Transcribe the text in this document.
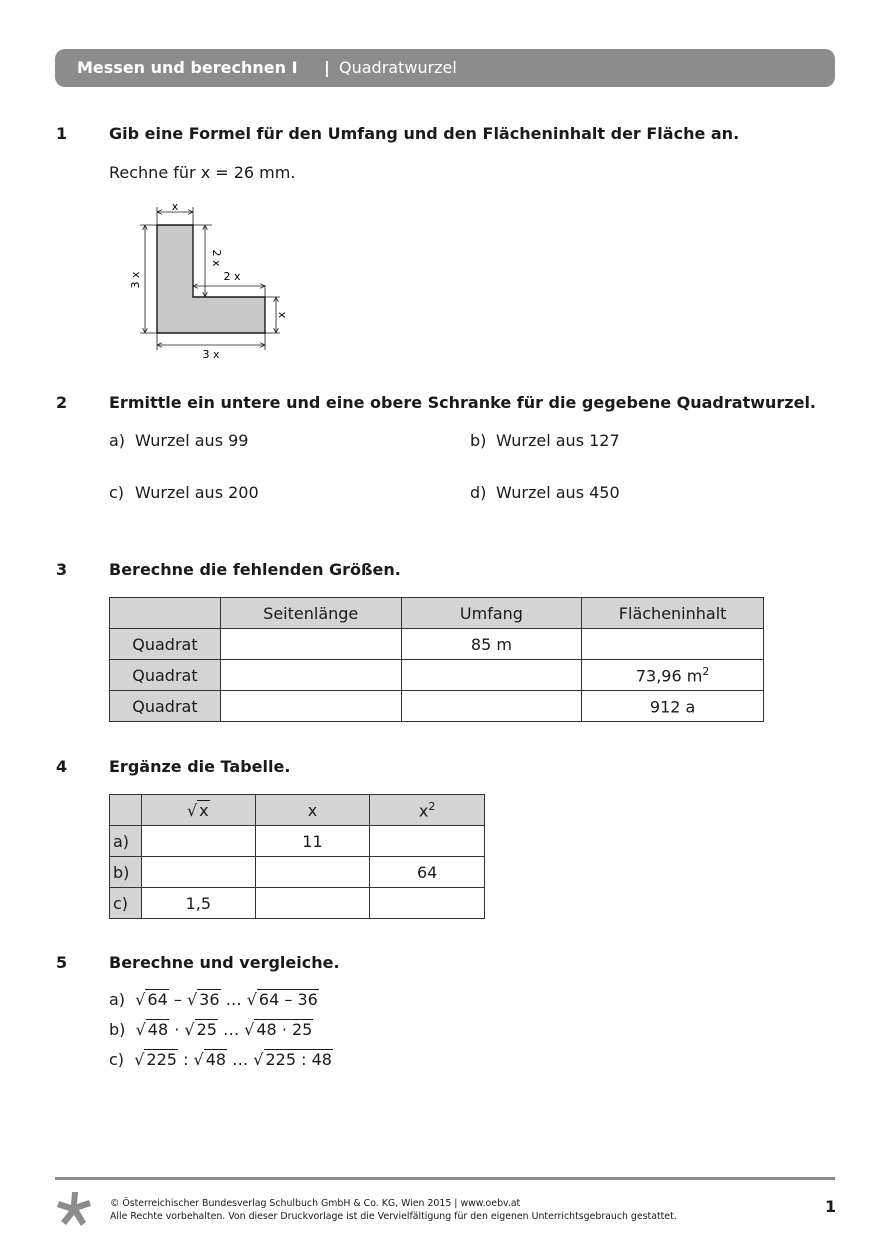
Messen und berechnen I | Quadratwurzel
1	Gib eine Formel für den Umfang und den Flächeninhalt der Fläche an.
Rechne für x = 26 mm.
x
2 x
2 x
3 x
x
3 x
2	Ermittle ein untere und eine obere Schranke für die gegebene Quadratwurzel.
a) Wurzel aus 99	b) Wurzel aus 127
c) Wurzel aus 200	d) Wurzel aus 450
3	Berechne die fehlenden Größen.
	Seitenlänge	Umfang	Flächeninhalt
Quadrat		85 m	
Quadrat			73,96 $m^2$
Quadrat			912 a
4	Ergänze die Tabelle.
	√ x	x	$x^2$
a)		11	
b)			64
c)	1,5		
5	Berechne und vergleiche.
a) √ 64 – √ 36 … √ 64 – 36
b) √ 48 · √ 25 … √ 48 · 25
c) √ 225 : √ 48 … √ 225 : 48
© Österreichischer Bundesverlag Schulbuch GmbH & Co. KG, Wien 2015 | www.oebv.at
Alle Rechte vorbehalten. Von dieser Druckvorlage ist die Vervielfältigung für den eigenen Unterrichtsgebrauch gestattet.
1
